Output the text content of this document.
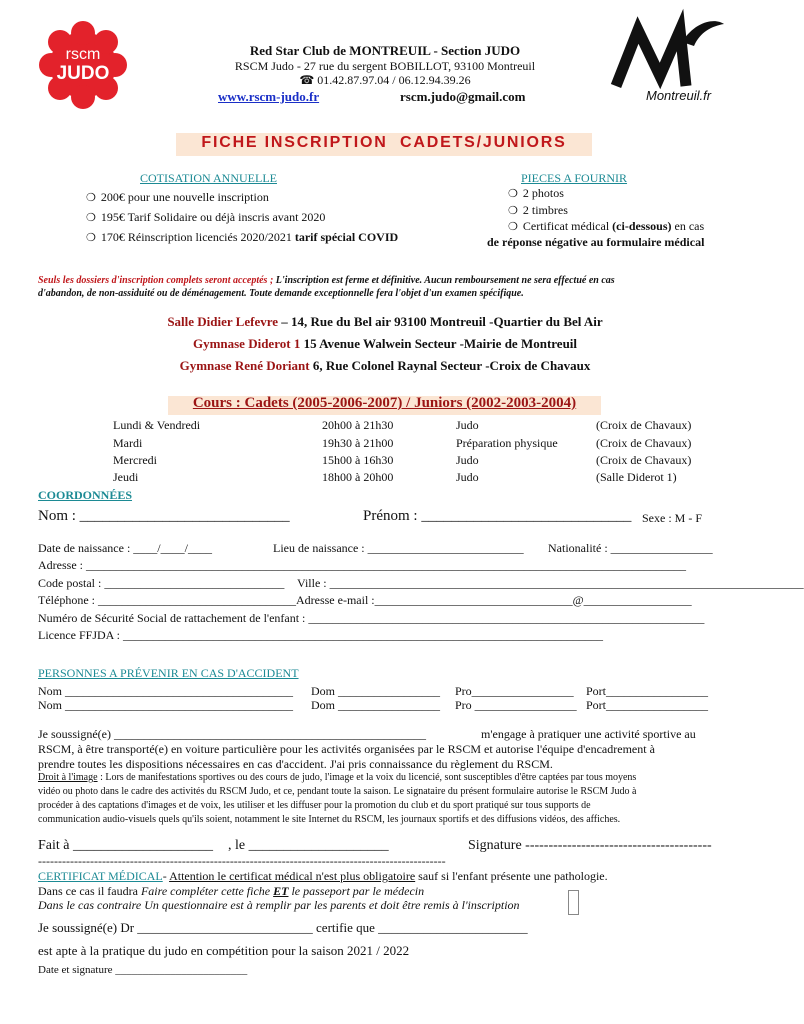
rscm
JUDO
Red Star Club de MONTREUIL - Section JUDO
RSCM Judo - 27 rue du sergent BOBILLOT, 93100 Montreuil
☎ 01.42.87.97.04 / 06.12.94.39.26
www.rscm-judo.fr	rscm.judo@gmail.com	Montreuil.fr
FICHE INSCRIPTION  CADETS/JUNIORS
COTISATION ANNUELLE
❍ 200€ pour une nouvelle inscription
❍ 195€ Tarif Solidaire ou déjà inscris avant 2020
❍ 170€ Réinscription licenciés 2020/2021 tarif spécial COVID
PIECES A FOURNIR
❍ 2 photos
❍ 2 timbres
❍ Certificat médical (ci-dessous) en cas
de réponse négative au formulaire médical
Seuls les dossiers d'inscription complets seront acceptés ; L'inscription est ferme et définitive. Aucun remboursement ne sera effectué en cas
d'abandon, de non-assiduité ou de déménagement. Toute demande exceptionnelle fera l'objet d'un examen spécifique.
Salle Didier Lefevre – 14, Rue du Bel air 93100 Montreuil -Quartier du Bel Air
Gymnase Diderot 1 15 Avenue Walwein Secteur -Mairie de Montreuil
Gymnase René Doriant 6, Rue Colonel Raynal Secteur -Croix de Chavaux
Cours : Cadets (2005-2006-2007) / Juniors (2002-2003-2004)
Lundi & Vendredi	20h00 à 21h30	Judo	(Croix de Chavaux)
Mardi	19h30 à 21h00	Préparation physique	(Croix de Chavaux)
Mercredi	15h00 à 16h30	Judo	(Croix de Chavaux)
Jeudi	18h00 à 20h00	Judo	(Salle Diderot 1)
COORDONNÉES
Nom : ____________________________	Prénom : ____________________________ Sexe : M - F
Date de naissance : ____/____/____	Lieu de naissance : __________________________ Nationalité : _________________
Adresse : ____________________________________________________________________________________________________
Code postal : ______________________________ Ville : _______________________________________________________________________________
Téléphone : _________________________________Adresse e-mail :_________________________________@__________________
Numéro de Sécurité Social de rattachement de l'enfant : __________________________________________________________________
Licence FFJDA : ________________________________________________________________________________
PERSONNES A PRÉVENIR EN CAS D'ACCIDENT
Nom ______________________________________ Dom _________________ Pro_________________ Port_________________
Nom ______________________________________ Dom _________________ Pro _________________ Port_________________
Je soussigné(e) ____________________________________________________	m'engage à pratiquer une activité sportive au
RSCM, à être transporté(e) en voiture particulière pour les activités organisées par le RSCM et autorise l'équipe d'encadrement à
prendre toutes les dispositions nécessaires en cas d'accident. J'ai pris connaissance du règlement du RSCM.
Droit à l'image : Lors de manifestations sportives ou des cours de judo, l'image et la voix du licencié, sont susceptibles d'être captées par tous moyens
vidéo ou photo dans le cadre des activités du RSCM Judo, et ce, pendant toute la saison. Le signataire du présent formulaire autorise le RSCM Judo à
procéder à des captations d'images et de voix, les utiliser et les diffuser pour la promotion du club et du sport pratiqué sur tous supports de
communication audio-visuels quels qu'ils soient, notamment le site Internet du RSCM, les journaux sportifs et des diffusions vidéos, des affiches.
Fait à ____________________ , le ____________________	Signature ----------------------------------------
------------------------------------------------------------------------------------------------------
CERTIFICAT MÉDICAL- Attention le certificat médical n'est plus obligatoire sauf si l'enfant présente une pathologie.
Dans ce cas il faudra Faire compléter cette fiche ET le passeport par le médecin
Dans le cas contraire Un questionnaire est à remplir par les parents et doit être remis à l'inscription
Je soussigné(e) Dr ___________________________ certifie que _______________________
est apte à la pratique du judo en compétition pour la saison 2021 / 2022
Date et signature ________________________
